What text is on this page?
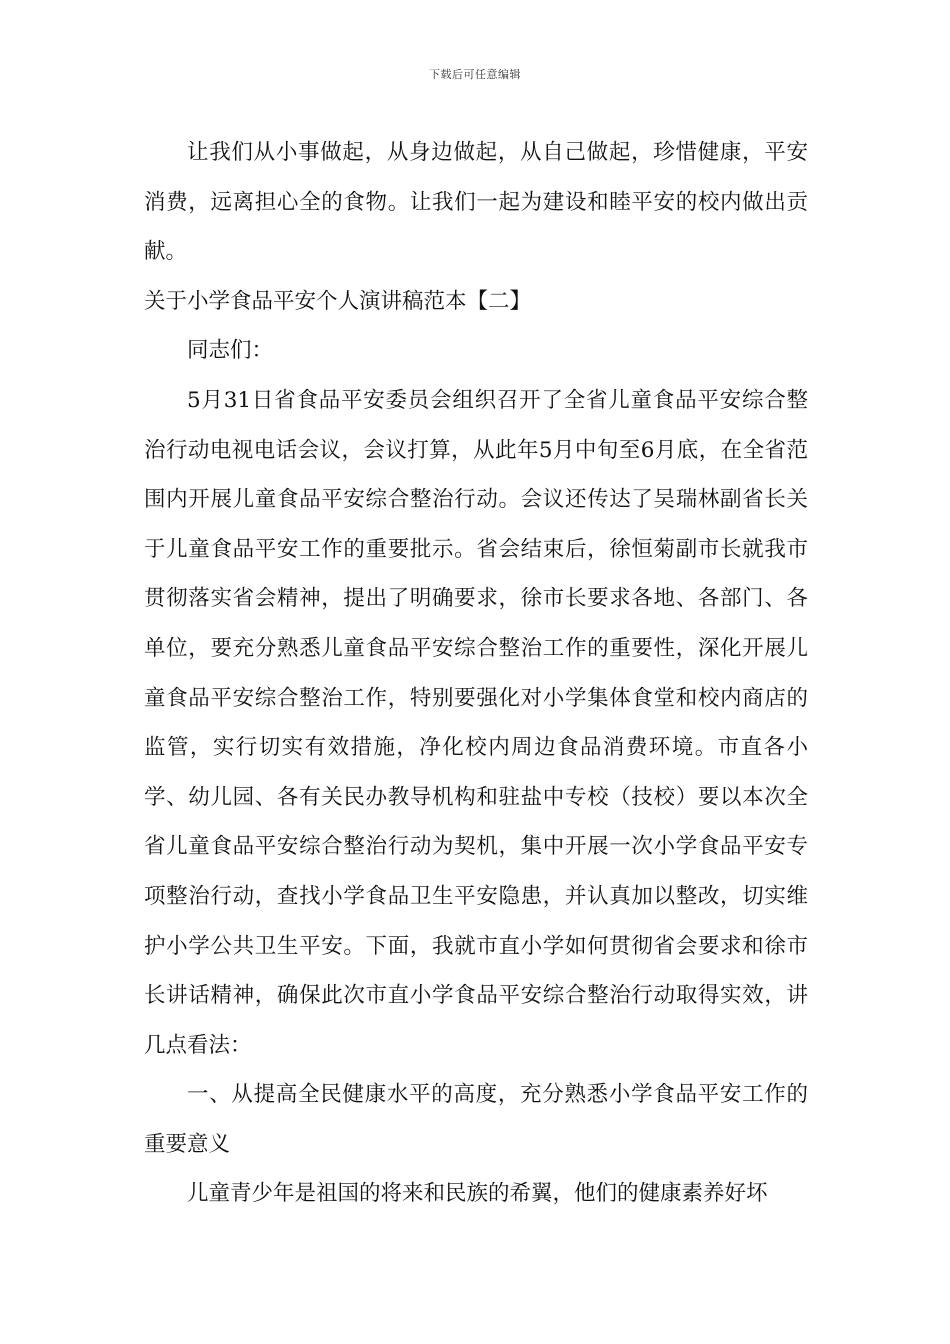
下载后可任意编辑

让我们从小事做起，从身边做起，从自己做起，珍惜健康，平安消费，远离担心全的食物。让我们一起为建设和睦平安的校内做出贡献。

关于小学食品平安个人演讲稿范本【二】

同志们：

5月31日省食品平安委员会组织召开了全省儿童食品平安综合整治行动电视电话会议，会议打算，从此年5月中旬至6月底，在全省范围内开展儿童食品平安综合整治行动。会议还传达了吴瑞林副省长关于儿童食品平安工作的重要批示。省会结束后，徐恒菊副市长就我市贯彻落实省会精神，提出了明确要求，徐市长要求各地、各部门、各单位，要充分熟悉儿童食品平安综合整治工作的重要性，深化开展儿童食品平安综合整治工作，特别要强化对小学集体食堂和校内商店的监管，实行切实有效措施，净化校内周边食品消费环境。市直各小学、幼儿园、各有关民办教导机构和驻盐中专校（技校）要以本次全省儿童食品平安综合整治行动为契机，集中开展一次小学食品平安专项整治行动，查找小学食品卫生平安隐患，并认真加以整改，切实维护小学公共卫生平安。下面，我就市直小学如何贯彻省会要求和徐市长讲话精神，确保此次市直小学食品平安综合整治行动取得实效，讲几点看法：

一、从提高全民健康水平的高度，充分熟悉小学食品平安工作的重要意义

儿童青少年是祖国的将来和民族的希翼，他们的健康素养好坏
